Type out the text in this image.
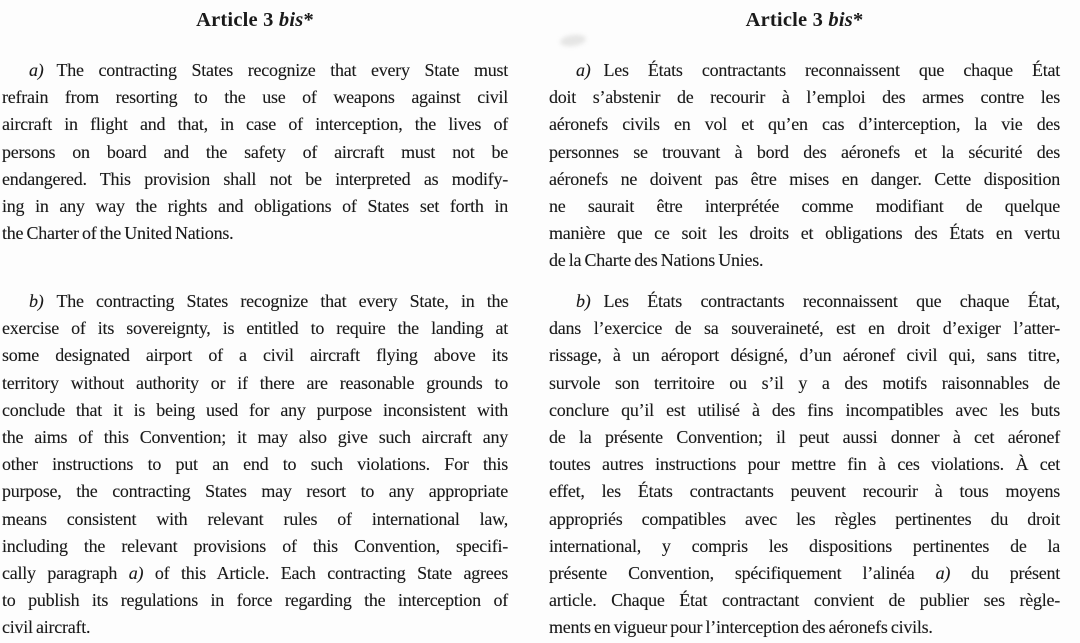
Article 3 bis*
a) The contracting States recognize that every State must
refrain from resorting to the use of weapons against civil
aircraft in flight and that, in case of interception, the lives of
persons on board and the safety of aircraft must not be
endangered. This provision shall not be interpreted as modify-
ing in any way the rights and obligations of States set forth in
the Charter of the United Nations.
b) The contracting States recognize that every State, in the
exercise of its sovereignty, is entitled to require the landing at
some designated airport of a civil aircraft flying above its
territory without authority or if there are reasonable grounds to
conclude that it is being used for any purpose inconsistent with
the aims of this Convention; it may also give such aircraft any
other instructions to put an end to such violations. For this
purpose, the contracting States may resort to any appropriate
means consistent with relevant rules of international law,
including the relevant provisions of this Convention, specifi-
cally paragraph a) of this Article. Each contracting State agrees
to publish its regulations in force regarding the interception of
civil aircraft.
Article 3 bis*
a) Les États contractants reconnaissent que chaque État
doit s’abstenir de recourir à l’emploi des armes contre les
aéronefs civils en vol et qu’en cas d’interception, la vie des
personnes se trouvant à bord des aéronefs et la sécurité des
aéronefs ne doivent pas être mises en danger. Cette disposition
ne saurait être interprétée comme modifiant de quelque
manière que ce soit les droits et obligations des États en vertu
de la Charte des Nations Unies.
b) Les États contractants reconnaissent que chaque État,
dans l’exercice de sa souveraineté, est en droit d’exiger l’atter-
rissage, à un aéroport désigné, d’un aéronef civil qui, sans titre,
survole son territoire ou s’il y a des motifs raisonnables de
conclure qu’il est utilisé à des fins incompatibles avec les buts
de la présente Convention; il peut aussi donner à cet aéronef
toutes autres instructions pour mettre fin à ces violations. À cet
effet, les États contractants peuvent recourir à tous moyens
appropriés compatibles avec les règles pertinentes du droit
international, y compris les dispositions pertinentes de la
présente Convention, spécifiquement l’alinéa a) du présent
article. Chaque État contractant convient de publier ses règle-
ments en vigueur pour l’interception des aéronefs civils.
